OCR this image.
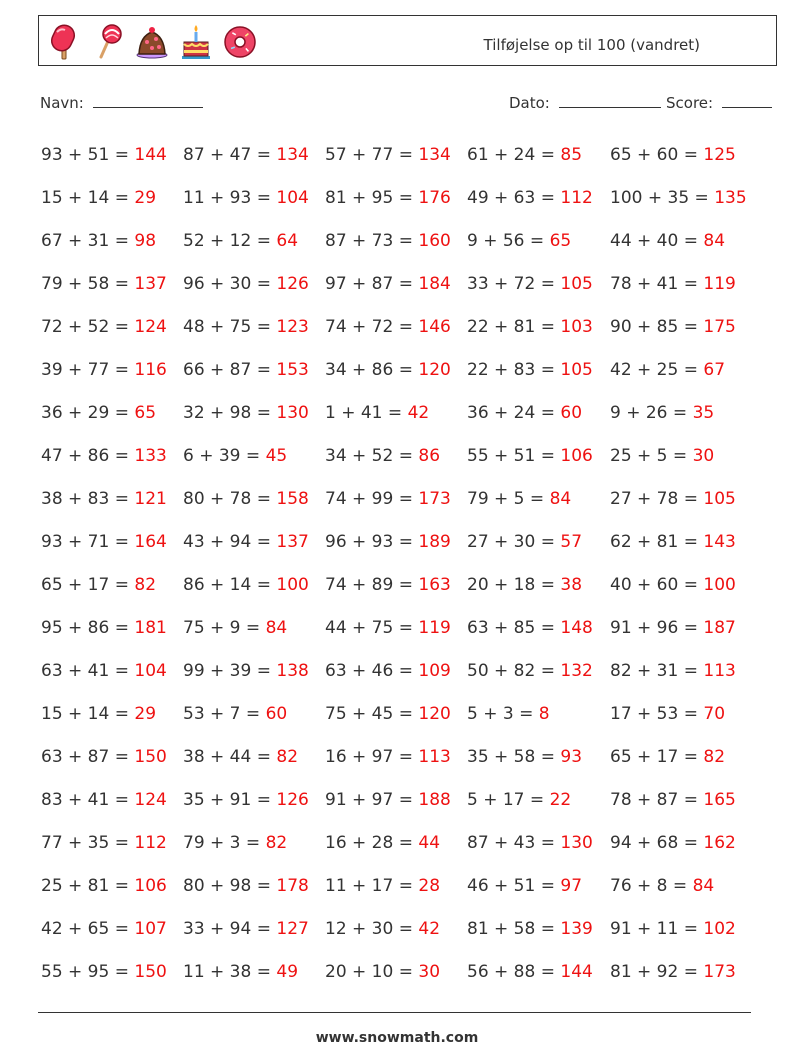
Tilføjelse op til 100 (vandret)
Navn:	Dato:	Score:
93 + 51 = 144
15 + 14 = 29
67 + 31 = 98
79 + 58 = 137
72 + 52 = 124
39 + 77 = 116
36 + 29 = 65
47 + 86 = 133
38 + 83 = 121
93 + 71 = 164
65 + 17 = 82
95 + 86 = 181
63 + 41 = 104
15 + 14 = 29
63 + 87 = 150
83 + 41 = 124
77 + 35 = 112
25 + 81 = 106
42 + 65 = 107
55 + 95 = 150
87 + 47 = 134
11 + 93 = 104
52 + 12 = 64
96 + 30 = 126
48 + 75 = 123
66 + 87 = 153
32 + 98 = 130
6 + 39 = 45
80 + 78 = 158
43 + 94 = 137
86 + 14 = 100
75 + 9 = 84
99 + 39 = 138
53 + 7 = 60
38 + 44 = 82
35 + 91 = 126
79 + 3 = 82
80 + 98 = 178
33 + 94 = 127
11 + 38 = 49
57 + 77 = 134
81 + 95 = 176
87 + 73 = 160
97 + 87 = 184
74 + 72 = 146
34 + 86 = 120
1 + 41 = 42
34 + 52 = 86
74 + 99 = 173
96 + 93 = 189
74 + 89 = 163
44 + 75 = 119
63 + 46 = 109
75 + 45 = 120
16 + 97 = 113
91 + 97 = 188
16 + 28 = 44
11 + 17 = 28
12 + 30 = 42
20 + 10 = 30
61 + 24 = 85
49 + 63 = 112
9 + 56 = 65
33 + 72 = 105
22 + 81 = 103
22 + 83 = 105
36 + 24 = 60
55 + 51 = 106
79 + 5 = 84
27 + 30 = 57
20 + 18 = 38
63 + 85 = 148
50 + 82 = 132
5 + 3 = 8
35 + 58 = 93
5 + 17 = 22
87 + 43 = 130
46 + 51 = 97
81 + 58 = 139
56 + 88 = 144
65 + 60 = 125
100 + 35 = 135
44 + 40 = 84
78 + 41 = 119
90 + 85 = 175
42 + 25 = 67
9 + 26 = 35
25 + 5 = 30
27 + 78 = 105
62 + 81 = 143
40 + 60 = 100
91 + 96 = 187
82 + 31 = 113
17 + 53 = 70
65 + 17 = 82
78 + 87 = 165
94 + 68 = 162
76 + 8 = 84
91 + 11 = 102
81 + 92 = 173
www.snowmath.com
